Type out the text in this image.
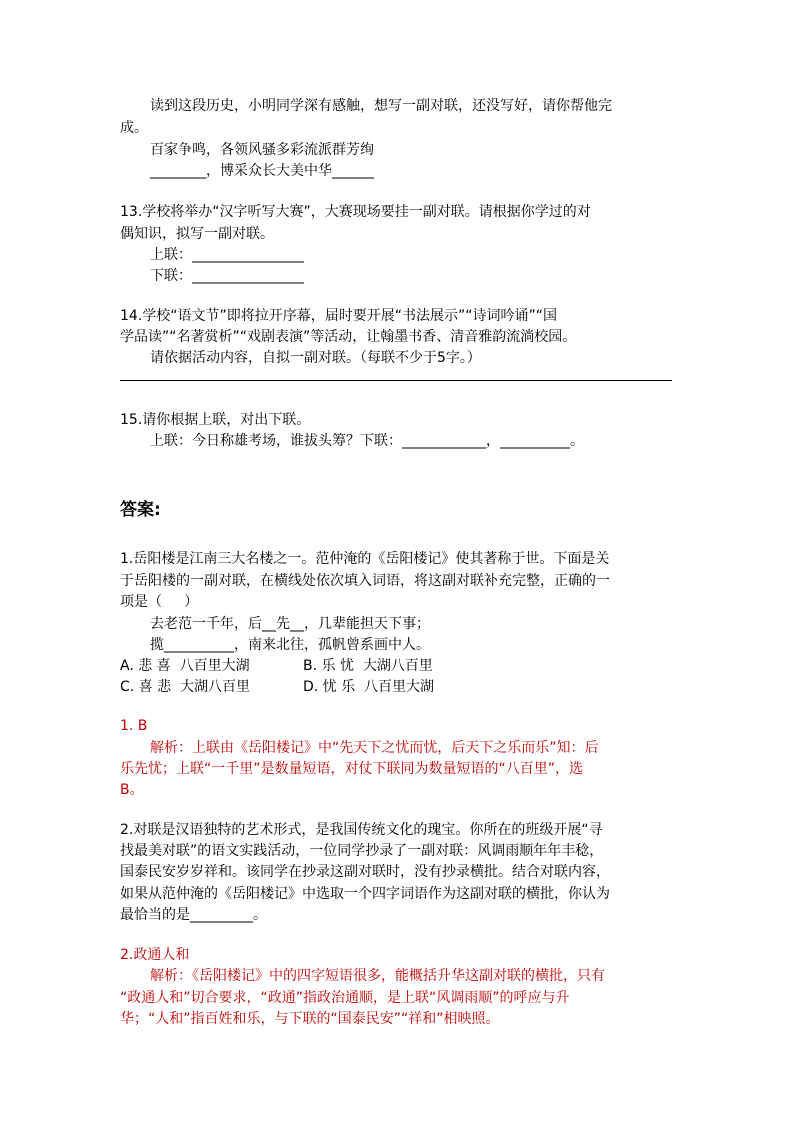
读到这段历史，小明同学深有感触，想写一副对联，还没写好，请你帮他完
成。
百家争鸣，各领风骚多彩流派群芳绚
________，博采众长大美中华______
13.学校将举办“汉字听写大赛”，大赛现场要挂一副对联。请根据你学过的对
偶知识，拟写一副对联。
上联：________________
下联：________________
14.学校“语文节”即将拉开序幕，届时要开展“书法展示”“诗词吟诵”“国
学品读”“名著赏析”“戏剧表演”等活动，让翰墨书香、清音雅韵流淌校园。
请依据活动内容，自拟一副对联。（每联不少于5字。）
15.请你根据上联，对出下联。
上联：今日称雄考场，谁拔头筹？下联：____________，__________。
答案:
1.岳阳楼是江南三大名楼之一。范仲淹的《岳阳楼记》使其著称于世。下面是关
于岳阳楼的一副对联，在横线处依次填入词语，将这副对联补充完整，正确的一
项是（     ）
去老范一千年，后__先__，几辈能担天下事；
揽__________，南来北往，孤帆曾系画中人。
A. 悲 喜  八百里大湖	B. 乐 忧  大湖八百里
C. 喜 悲  大湖八百里	D. 忧 乐  八百里大湖
1. B
解析：上联由《岳阳楼记》中“先天下之忧而忧，后天下之乐而乐”知：后
乐先忧；上联“一千里”是数量短语，对仗下联同为数量短语的“八百里”，选
B。
2.对联是汉语独特的艺术形式，是我国传统文化的瑰宝。你所在的班级开展“寻
找最美对联”的语文实践活动，一位同学抄录了一副对联：风调雨顺年年丰稔，
国泰民安岁岁祥和。该同学在抄录这副对联时，没有抄录横批。结合对联内容，
如果从范仲淹的《岳阳楼记》中选取一个四字词语作为这副对联的横批，你认为
最恰当的是_________。
2.政通人和
解析：《岳阳楼记》中的四字短语很多，能概括升华这副对联的横批，只有
“政通人和”切合要求，“政通”指政治通顺，是上联“风调雨顺”的呼应与升
华；“人和”指百姓和乐，与下联的“国泰民安”“祥和”相映照。
